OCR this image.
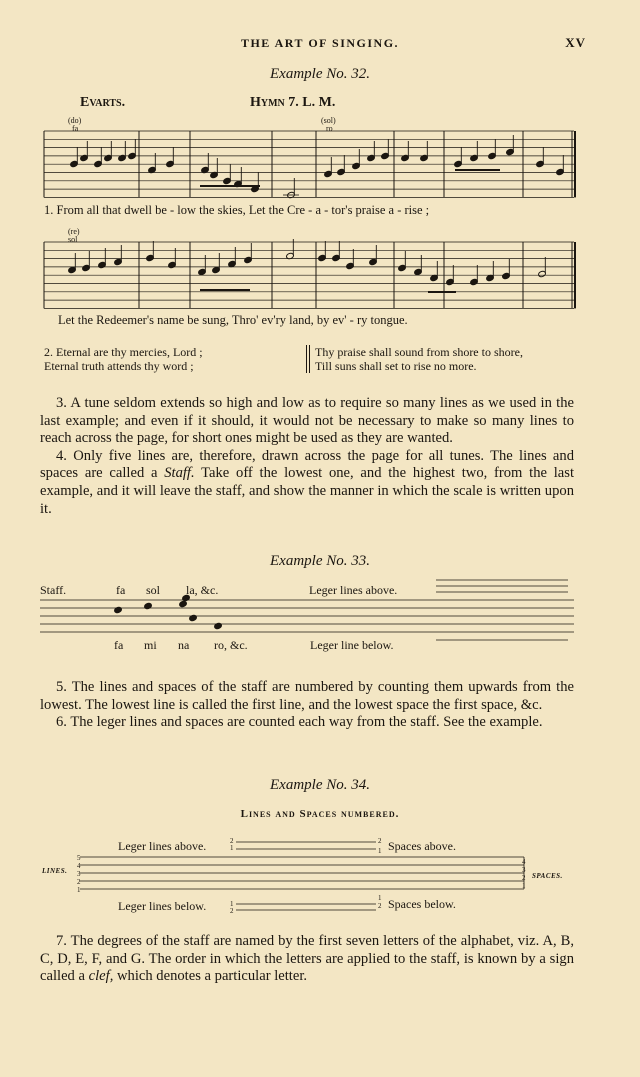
THE ART OF SINGING.	XV
Example No. 32.
Evarts.	Hymn 7. L. M.
(do)
fa
(sol)
ro
(re)
sol
1. From all that dwell be - low the skies, Let the Cre - a - tor's praise a - rise ;
Let the Redeemer's name be sung, Thro' ev'ry land, by ev' - ry tongue.
2. Eternal are thy mercies, Lord ;
Eternal truth attends thy word ;
Thy praise shall sound from shore to shore,
Till suns shall set to rise no more.

3. A tune seldom extends so high and low as to require so many lines as we used in the last example; and even if it should, it would not be necessary to make so many lines to reach across the page, for short ones might be used as they are wanted.

4. Only five lines are, therefore, drawn across the page for all tunes. The lines and spaces are called a Staff. Take off the lowest one, and the highest two, from the last example, and it will leave the staff, and show the manner in which the scale is written upon it.

Example No. 33.
Staff.	fa sol la, &c.	Leger lines above.
fa mi na ro, &c.	Leger line below.

5. The lines and spaces of the staff are numbered by counting them upwards from the lowest. The lowest line is called the first line, and the lowest space the first space, &c.

6. The leger lines and spaces are counted each way from the staff. See the example.

Example No. 34.
Lines and Spaces numbered.
Leger lines above.	Spaces above.
LINES.
SPACES.
Leger lines below.	Spaces below.
5
4
3
2
1
4
3
2
1
2
1
2
1
1
2
1
2

7. The degrees of the staff are named by the first seven letters of the alphabet, viz. A, B, C, D, E, F, and G. The order in which the letters are applied to the staff, is known by a sign called a clef, which denotes a particular letter.
